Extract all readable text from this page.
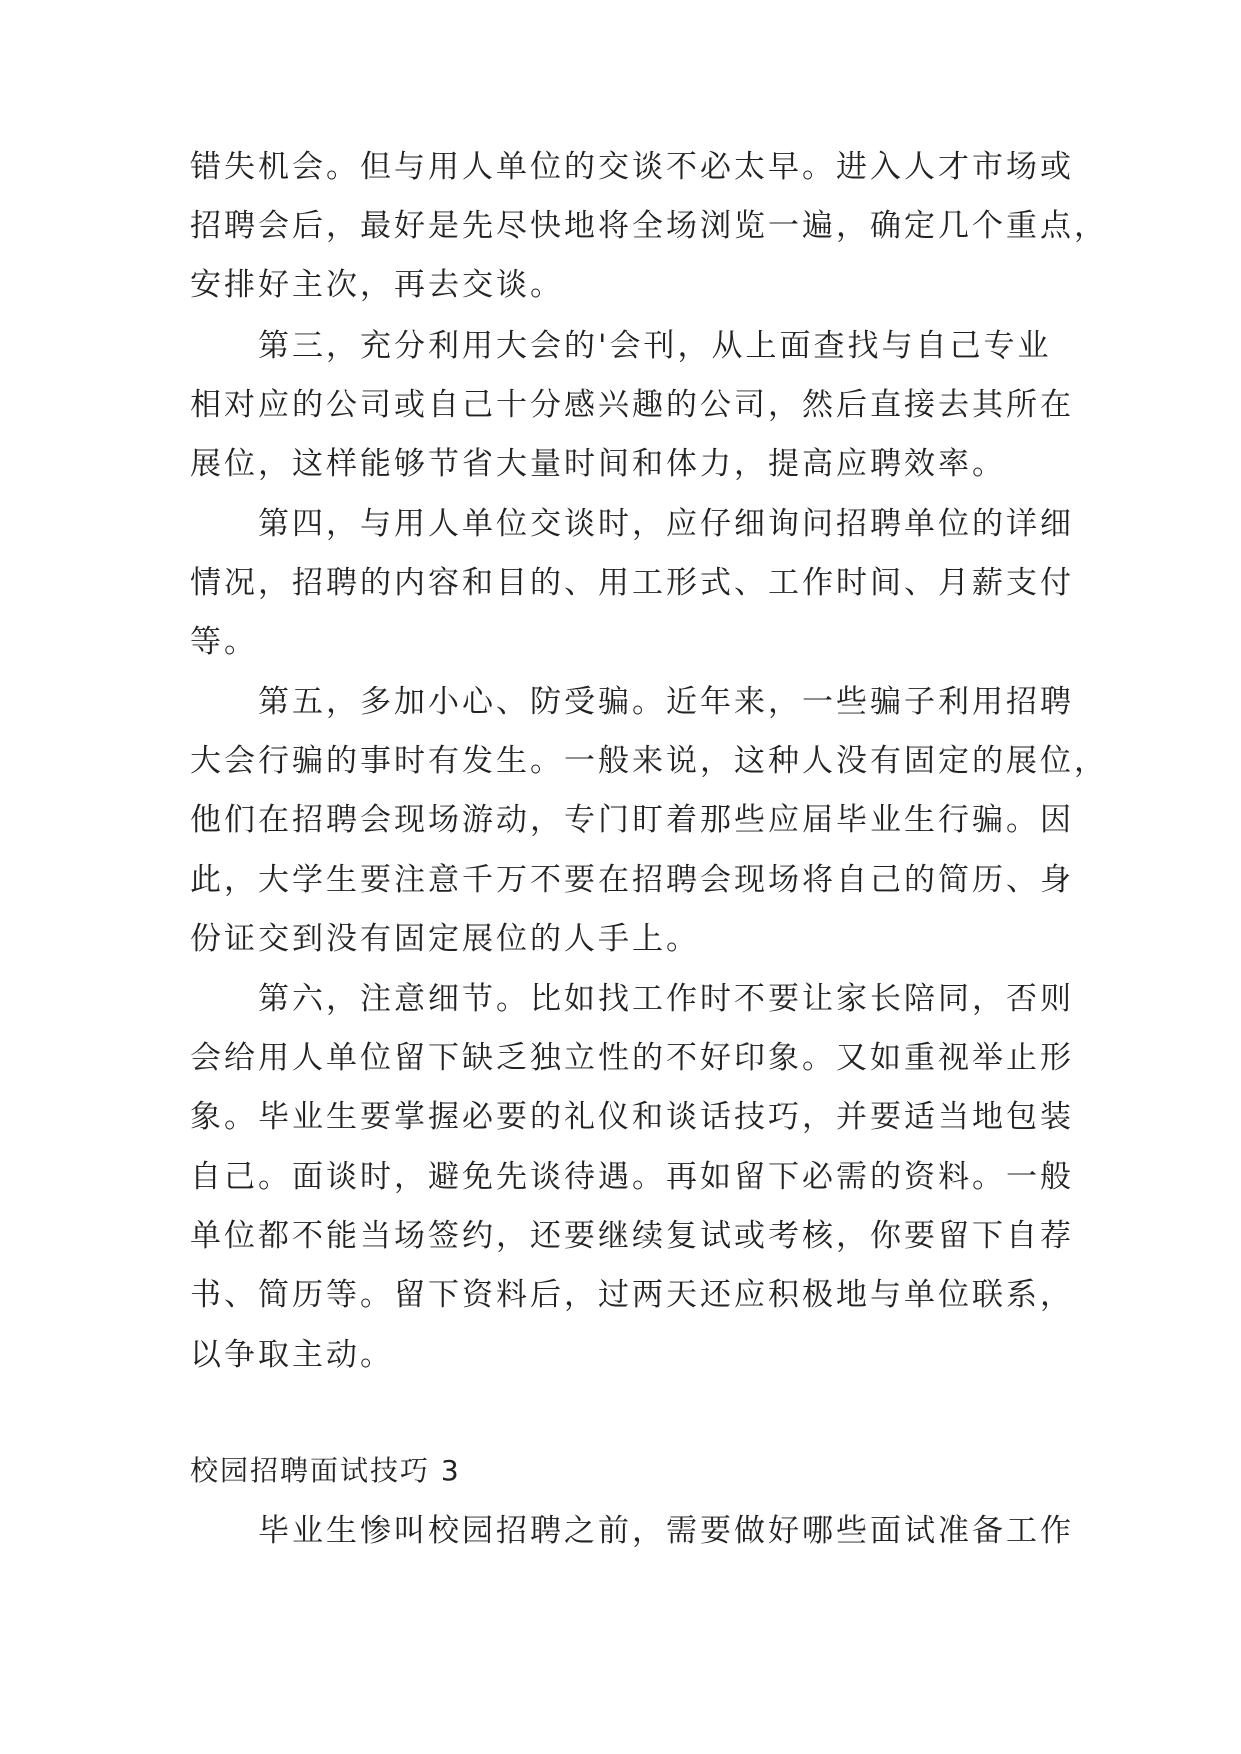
错失机会。但与用人单位的交谈不必太早。进入人才市场或
招聘会后，最好是先尽快地将全场浏览一遍，确定几个重点，
安排好主次，再去交谈。
　　第三，充分利用大会的'会刊，从上面查找与自己专业
相对应的公司或自己十分感兴趣的公司，然后直接去其所在
展位，这样能够节省大量时间和体力，提高应聘效率。
　　第四，与用人单位交谈时，应仔细询问招聘单位的详细
情况，招聘的内容和目的、用工形式、工作时间、月薪支付
等。
　　第五，多加小心、防受骗。近年来，一些骗子利用招聘
大会行骗的事时有发生。一般来说，这种人没有固定的展位，
他们在招聘会现场游动，专门盯着那些应届毕业生行骗。因
此，大学生要注意千万不要在招聘会现场将自己的简历、身
份证交到没有固定展位的人手上。
　　第六，注意细节。比如找工作时不要让家长陪同，否则
会给用人单位留下缺乏独立性的不好印象。又如重视举止形
象。毕业生要掌握必要的礼仪和谈话技巧，并要适当地包装
自己。面谈时，避免先谈待遇。再如留下必需的资料。一般
单位都不能当场签约，还要继续复试或考核，你要留下自荐
书、简历等。留下资料后，过两天还应积极地与单位联系，
以争取主动。
校园招聘面试技巧 3
　　毕业生惨叫校园招聘之前，需要做好哪些面试准备工作
